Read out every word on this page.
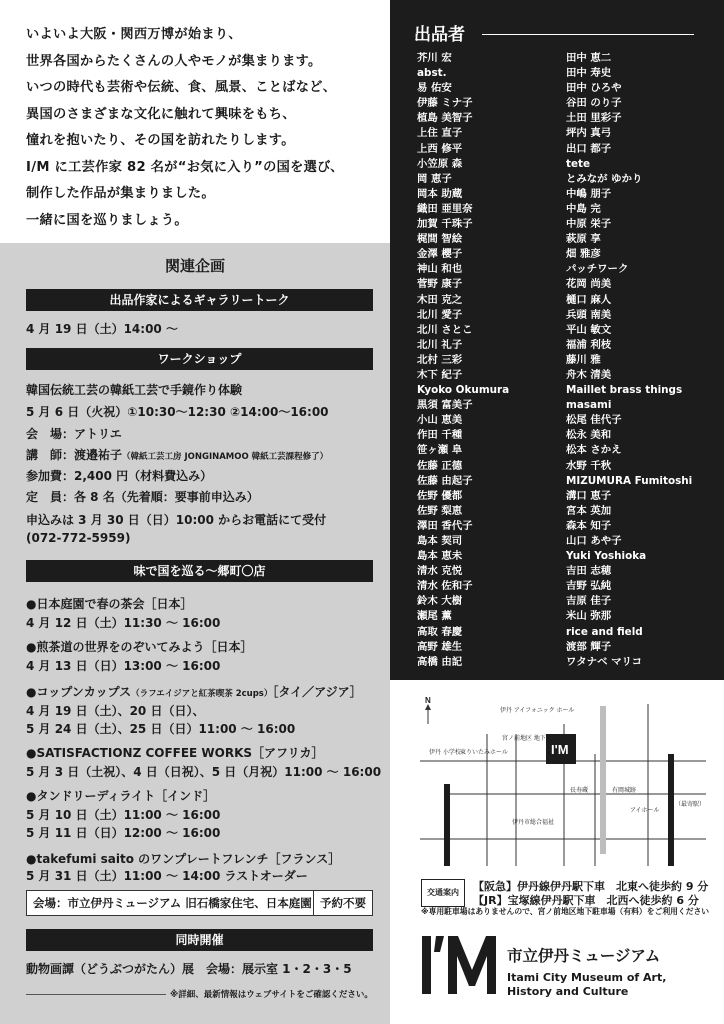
いよいよ大阪・関西万博が始まり、
世界各国からたくさんの人やモノが集まります。
いつの時代も芸術や伝統、食、風景、ことばなど、
異国のさまざまな文化に触れて興味をもち、
憧れを抱いたり、その国を訪れたりします。
I/M に工芸作家 82 名が“お気に入り”の国を選び、
制作した作品が集まりました。
一緒に国を巡りましょう。
関連企画
出品作家によるギャラリートーク
4 月 19 日（土）14:00 ～
ワークショップ
韓国伝統工芸の韓紙工芸で手鏡作り体験
5 月 6 日（火祝）①10:30～12:30 ②14:00～16:00
会　場：アトリエ
講　師：渡邉祐子（韓紙工芸工房 JONGINAMOO 韓紙工芸課程修了）
参加費：2,400 円（材料費込み）
定　員：各 8 名（先着順：要事前申込み）
申込みは 3 月 30 日（日）10:00 からお電話にて受付
(072-772-5959)
味で国を巡る～郷町〇店
●日本庭園で春の茶会［日本］
4 月 12 日（土）11:30 ～ 16:00
●煎茶道の世界をのぞいてみよう［日本］
4 月 13 日（日）13:00 ～ 16:00
●コップンカップス（ラフエイジアと紅茶喫茶 2cups）［タイ／アジア］
4 月 19 日（土）、20 日（日）、
5 月 24 日（土）、25 日（日）11:00 ～ 16:00
●SATISFACTIONZ COFFEE WORKS［アフリカ］
5 月 3 日（土祝）、4 日（日祝）、5 日（月祝）11:00 ～ 16:00
●タンドリーディライト［インド］
5 月 10 日（土）11:00 ～ 16:00
5 月 11 日（日）12:00 ～ 16:00
●takefumi saito のワンプレートフレンチ［フランス］
5 月 31 日（土）11:00 ～ 14:00 ラストオーダー
会場：市立伊丹ミュージアム 旧石橋家住宅、日本庭園 予約不要
同時開催
動物画譚（どうぶつがたん）展　会場：展示室 1・2・3・5
※詳細、最新情報はウェブサイトをご確認ください。
出品者
芥川 宏
abst.
易 佑安
伊藤 ミナ子
植島 美智子
上住 直子
上西 修平
小笠原 森
岡 恵子
岡本 助蔵
織田 亜里奈
加賀 千珠子
梶間 智絵
金澤 櫻子
神山 和也
菅野 康子
木田 克之
北川 愛子
北川 さとこ
北川 礼子
北村 三彩
木下 紀子
Kyoko Okumura
黒須 富美子
小山 恵美
作田 千種
笹ヶ瀬 阜
佐藤 正德
佐藤 由起子
佐野 優都
佐野 梨恵
澤田 香代子
島本 契司
島本 恵未
清水 克悦
清水 佐和子
鈴木 大樹
瀬尾 薫
高取 春慶
高野 雄生
高橋 由記
田中 恵二
田中 寿史
田中 ひろや
谷田 のり子
土田 里彩子
坪内 真弓
出口 都子
tete
とみなが ゆかり
中嶋 朋子
中島 完
中原 栄子
萩原 享
畑 雅彦
パッチワーク
花岡 尚美
樋口 麻人
兵頭 南美
平山 敏文
福浦 利枝
藤川 雅
舟木 清美
Maillet brass things
masami
松尾 佳代子
松永 美和
松本 さかえ
水野 千秋
MIZUMURA Fumitoshi
溝口 恵子
宮本 英加
森本 知子
山口 あや子
Yuki Yoshioka
吉田 志穂
吉野 弘純
吉原 佳子
米山 弥那
rice and field
渡部 輝子
ワタナベ マリコ
I'M
N
伊丹 アイフォニック ホール
宮ノ前地区 地下駐車場
伊丹 小学校 東りいたみホール
長寿蔵	有岡城跡
アイホール
伊丹市総合福祉
（最寄駅）
交通案内	【阪急】伊丹線伊丹駅下車　北東へ徒歩約 9 分
【JR】宝塚線伊丹駅下車　北西へ徒歩約 6 分
※専用駐車場はありませんので、宮ノ前地区地下駐車場（有料）をご利用ください
市立伊丹ミュージアム
Itami City Museum of Art,
History and Culture
